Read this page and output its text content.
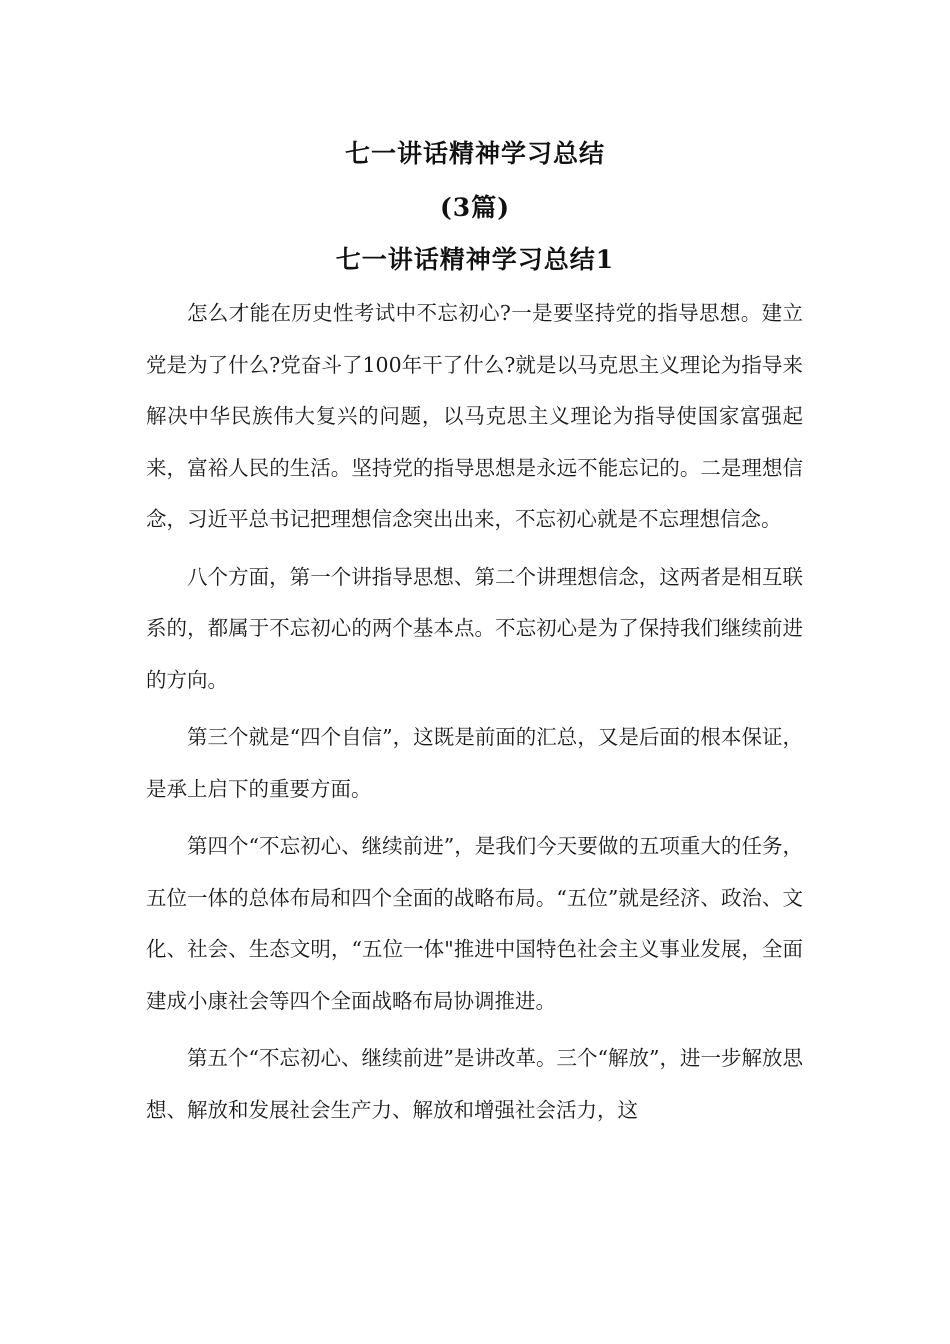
七一讲话精神学习总结
(3篇)
七一讲话精神学习总结1

怎么才能在历史性考试中不忘初心?一是要坚持党的指导思想。建立党是为了什么?党奋斗了100年干了什么?就是以马克思主义理论为指导来解决中华民族伟大复兴的问题，以马克思主义理论为指导使国家富强起来，富裕人民的生活。坚持党的指导思想是永远不能忘记的。二是理想信念，习近平总书记把理想信念突出出来，不忘初心就是不忘理想信念。

八个方面，第一个讲指导思想、第二个讲理想信念，这两者是相互联系的，都属于不忘初心的两个基本点。不忘初心是为了保持我们继续前进的方向。

第三个就是“四个自信”，这既是前面的汇总，又是后面的根本保证，是承上启下的重要方面。

第四个“不忘初心、继续前进”，是我们今天要做的五项重大的任务，五位一体的总体布局和四个全面的战略布局。“五位”就是经济、政治、文化、社会、生态文明，“五位一体"推进中国特色社会主义事业发展，全面建成小康社会等四个全面战略布局协调推进。

第五个“不忘初心、继续前进”是讲改革。三个“解放”，进一步解放思想、解放和发展社会生产力、解放和增强社会活力，这
